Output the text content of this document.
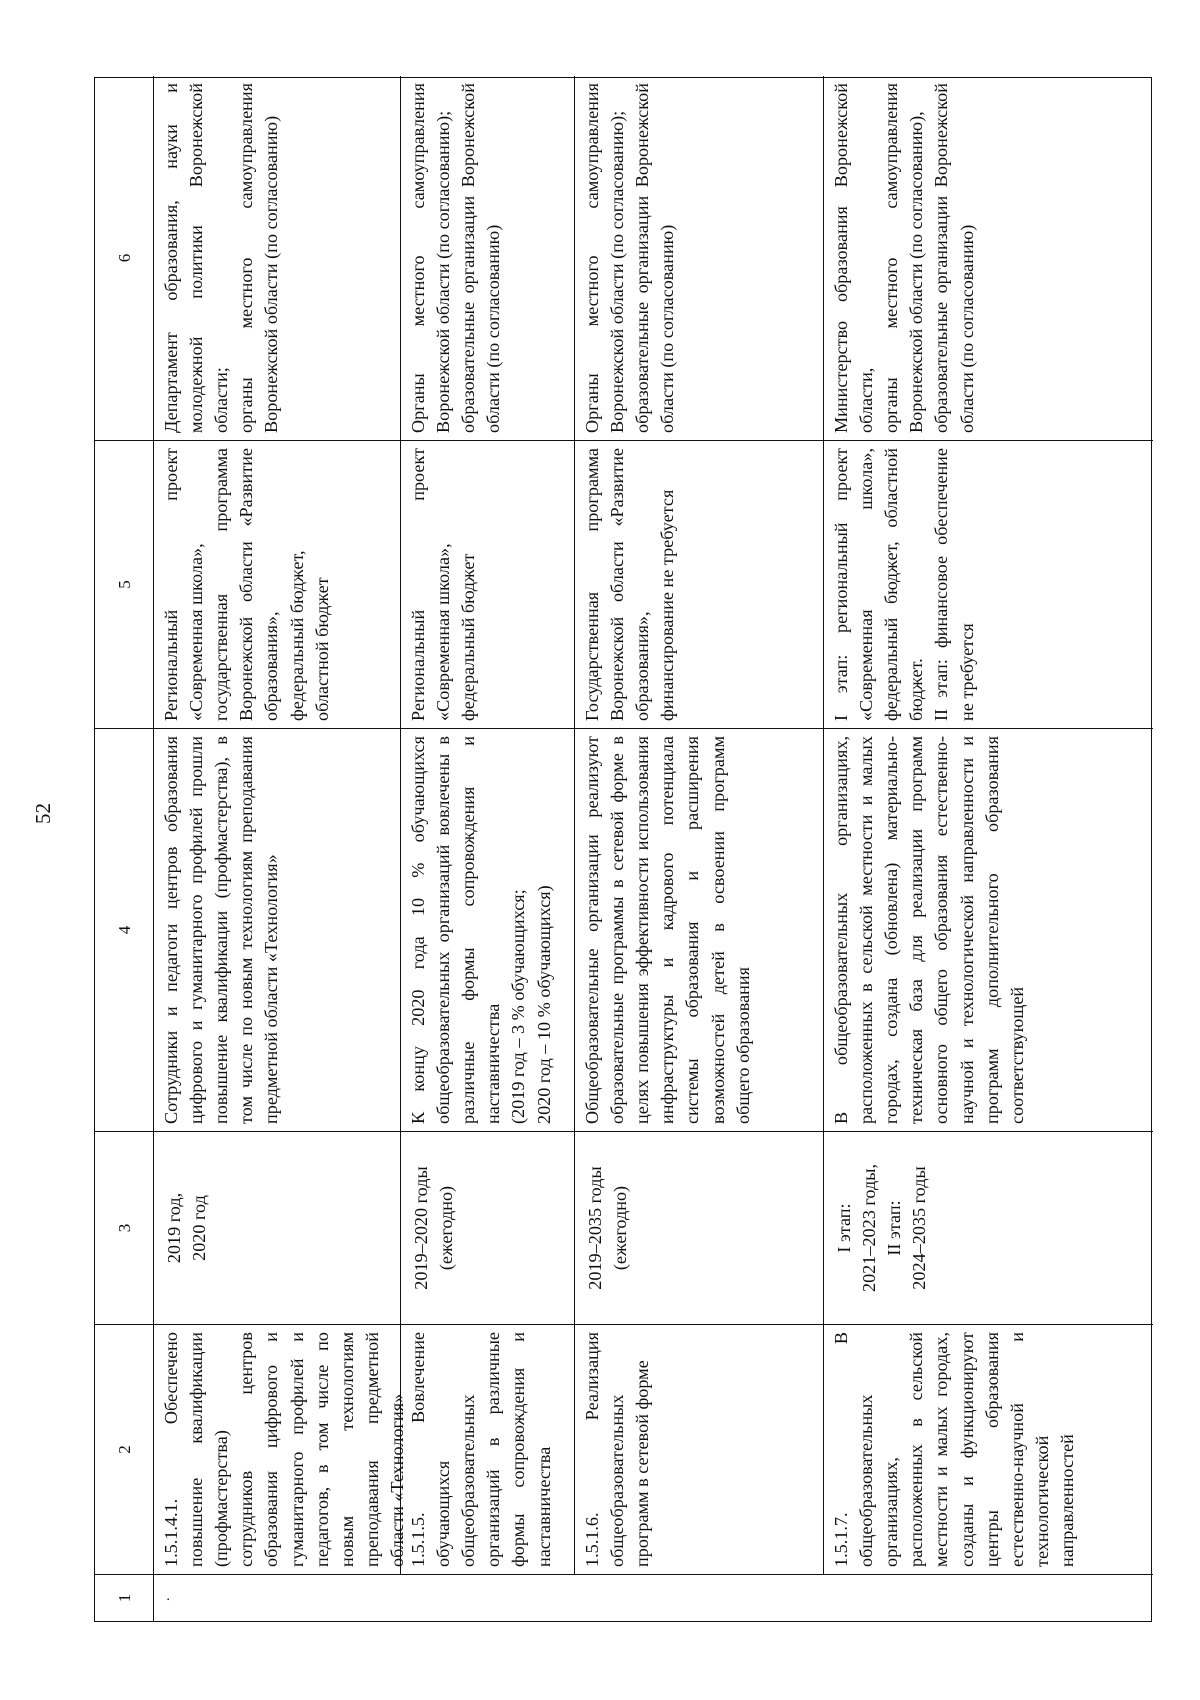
52
1
2
3
4
5
6
.
1.5.1.4.1. Обеспечено повышение квалификации (профмастерства) сотрудников центров образования цифрового и гуманитарного профилей и педагогов, в том числе по новым технологиям преподавания предметной области «Технология»
2019 год,
2020 год
Сотрудники и педагоги центров образования цифрового и гуманитарного профилей прошли повышение квалификации (профмастерства), в том числе по новым технологиям преподавания предметной области «Технология»
Региональный проект «Современная школа»,
государственная программа Воронежской области «Развитие образования»,
федеральный бюджет,
областной бюджет
Департамент образования, науки и молодежной политики Воронежской области;
органы местного самоуправления Воронежской области (по согласованию)
1.5.1.5. Вовлечение обучающихся общеобразовательных организаций в различные формы сопровождения и наставничества
2019–2020 годы
(ежегодно)
К концу 2020 года 10 % обучающихся общеобразовательных организаций вовлечены в различные формы сопровождения и наставничества
(2019 год – 3 % обучающихся;
2020 год – 10 % обучающихся)
Региональный проект «Современная школа»,
федеральный бюджет
Органы местного самоуправления Воронежской области (по согласованию);
образовательные организации Воронежской области (по согласованию)
1.5.1.6. Реализация общеобразовательных программ в сетевой форме
2019–2035 годы
(ежегодно)
Общеобразовательные организации реализуют образовательные программы в сетевой форме в целях повышения эффективности использования инфраструктуры и кадрового потенциала системы образования и расширения возможностей детей в освоении программ общего образования
Государственная программа Воронежской области «Развитие образования»,
финансирование не требуется
Органы местного самоуправления Воронежской области (по согласованию);
образовательные организации Воронежской области (по согласованию)
1.5.1.7. В общеобразовательных организациях, расположенных в сельской местности и малых городах, созданы и функционируют центры образования естественно-научной и технологической направленностей
I этап:
2021–2023 годы,
II этап:
2024–2035 годы
В общеобразовательных организациях, расположенных в сельской местности и малых городах, создана (обновлена) материально-техническая база для реализации программ основного общего образования естественно-научной и технологической направленности и программ дополнительного образования соответствующей
I этап: региональный проект «Современная школа», федеральный бюджет, областной бюджет.
II этап: финансовое обеспечение не требуется
Министерство образования Воронежской области,
органы местного самоуправления Воронежской области (по согласованию),
образовательные организации Воронежской области (по согласованию)
